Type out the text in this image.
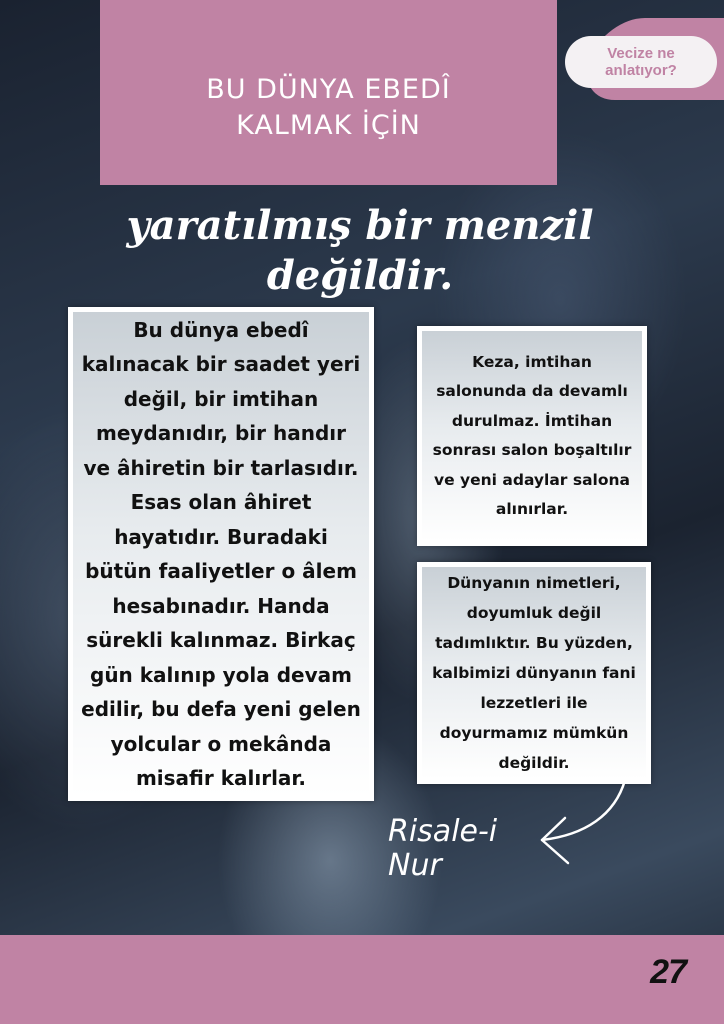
BU DÜNYA EBEDÎ
KALMAK İÇİN
Vecize ne
anlatıyor?
yaratılmış bir menzil
değildir.
Bu dünya ebedî kalınacak bir saadet yeri değil, bir imtihan meydanıdır, bir handır ve âhiretin bir tarlasıdır. Esas olan âhiret hayatıdır. Buradaki bütün faaliyetler o âlem hesabınadır. Handa sürekli kalınmaz. Birkaç gün kalınıp yola devam edilir, bu defa yeni gelen yolcular o mekânda misafir kalırlar.
Keza, imtihan salonunda da devamlı durulmaz. İmtihan sonrası salon boşaltılır ve yeni adaylar salona alınırlar.
Dünyanın nimetleri, doyumluk değil tadımlıktır. Bu yüzden, kalbimizi dünyanın fani lezzetleri ile doyurmamız mümkün değildir.
Risale-i
Nur
27
